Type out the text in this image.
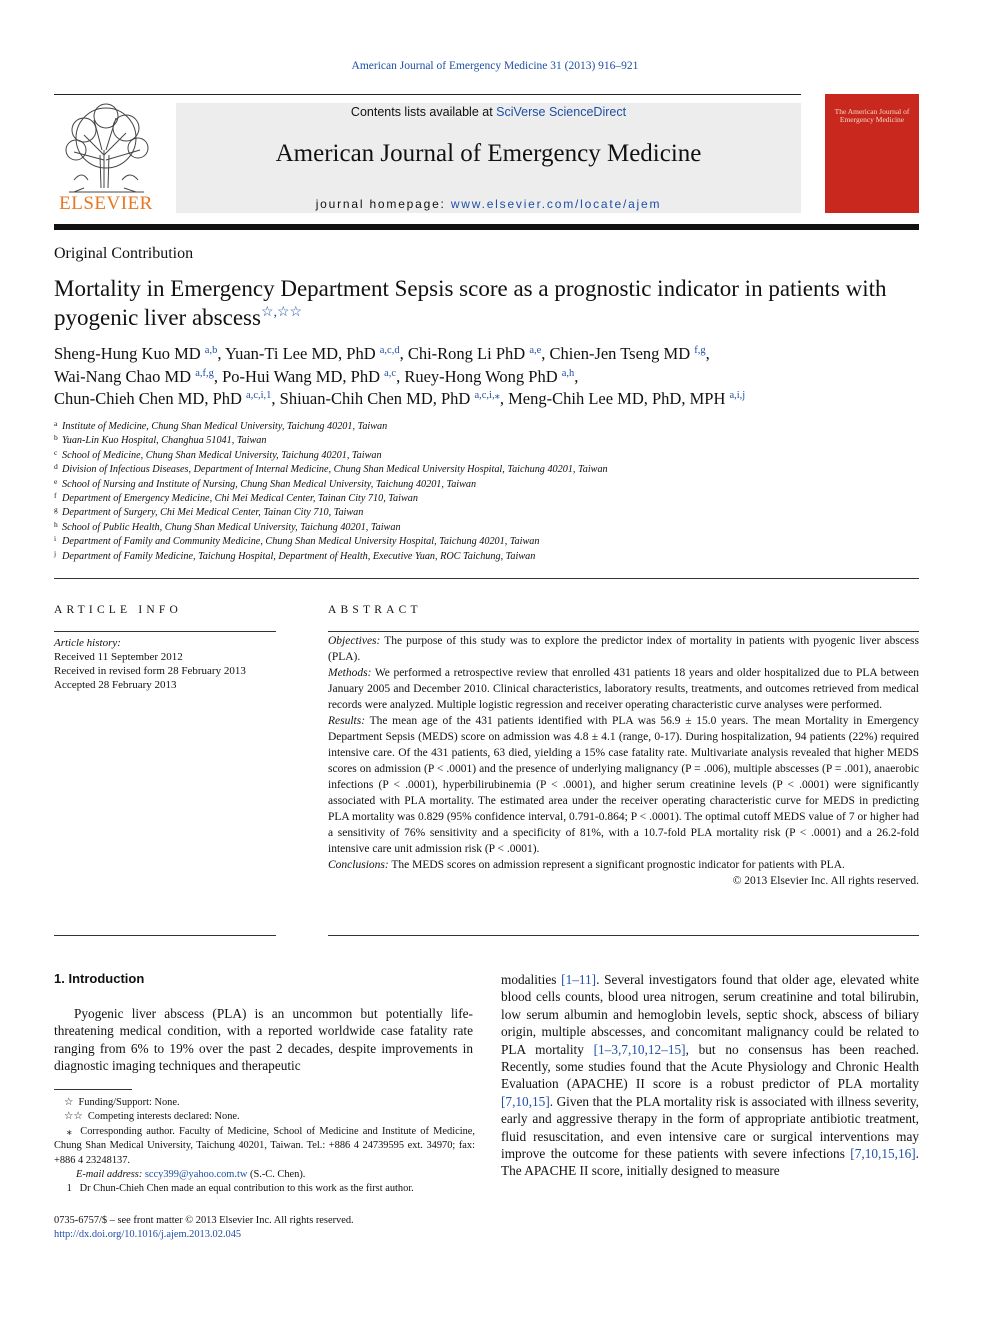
American Journal of Emergency Medicine 31 (2013) 916–921
ELSEVIER
Contents lists available at SciVerse ScienceDirect
American Journal of Emergency Medicine
journal homepage: www.elsevier.com/locate/ajem
The American Journal of Emergency Medicine
Original Contribution
Mortality in Emergency Department Sepsis score as a prognostic indicator in patients with pyogenic liver abscess☆,☆☆
Sheng-Hung Kuo MD $^{a,b}$, Yuan-Ti Lee MD, PhD $^{a,c,d}$, Chi-Rong Li PhD $^{a,e}$, Chien-Jen Tseng MD $^{f,g}$,
Wai-Nang Chao MD $^{a,f,g}$, Po-Hui Wang MD, PhD $^{a,c}$, Ruey-Hong Wong PhD $^{a,h}$,
Chun-Chieh Chen MD, PhD $^{a,c,i,1}$, Shiuan-Chih Chen MD, PhD $^{a,c,i,⁎}$, Meng-Chih Lee MD, PhD, MPH $^{a,i,j}$
$^a$ Institute of Medicine, Chung Shan Medical University, Taichung 40201, Taiwan
$^b$ Yuan-Lin Kuo Hospital, Changhua 51041, Taiwan
$^c$ School of Medicine, Chung Shan Medical University, Taichung 40201, Taiwan
$^d$ Division of Infectious Diseases, Department of Internal Medicine, Chung Shan Medical University Hospital, Taichung 40201, Taiwan
$^e$ School of Nursing and Institute of Nursing, Chung Shan Medical University, Taichung 40201, Taiwan
$^f$ Department of Emergency Medicine, Chi Mei Medical Center, Tainan City 710, Taiwan
$^g$ Department of Surgery, Chi Mei Medical Center, Tainan City 710, Taiwan
$^h$ School of Public Health, Chung Shan Medical University, Taichung 40201, Taiwan
$^i$ Department of Family and Community Medicine, Chung Shan Medical University Hospital, Taichung 40201, Taiwan
$^j$ Department of Family Medicine, Taichung Hospital, Department of Health, Executive Yuan, ROC Taichung, Taiwan
ARTICLE INFO
Article history:
Received 11 September 2012
Received in revised form 28 February 2013
Accepted 28 February 2013
ABSTRACT
Objectives: The purpose of this study was to explore the predictor index of mortality in patients with pyogenic liver abscess (PLA).
Methods: We performed a retrospective review that enrolled 431 patients 18 years and older hospitalized due to PLA between January 2005 and December 2010. Clinical characteristics, laboratory results, treatments, and outcomes retrieved from medical records were analyzed. Multiple logistic regression and receiver operating characteristic curve analyses were performed.
Results: The mean age of the 431 patients identified with PLA was 56.9 ± 15.0 years. The mean Mortality in Emergency Department Sepsis (MEDS) score on admission was 4.8 ± 4.1 (range, 0-17). During hospitalization, 94 patients (22%) required intensive care. Of the 431 patients, 63 died, yielding a 15% case fatality rate. Multivariate analysis revealed that higher MEDS scores on admission (P < .0001) and the presence of underlying malignancy (P = .006), multiple abscesses (P = .001), anaerobic infections (P < .0001), hyperbilirubinemia (P < .0001), and higher serum creatinine levels (P < .0001) were significantly associated with PLA mortality. The estimated area under the receiver operating characteristic curve for MEDS in predicting PLA mortality was 0.829 (95% confidence interval, 0.791-0.864; P < .0001). The optimal cutoff MEDS value of 7 or higher had a sensitivity of 76% sensitivity and a specificity of 81%, with a 10.7-fold PLA mortality risk (P < .0001) and a 26.2-fold intensive care unit admission risk (P < .0001).
Conclusions: The MEDS scores on admission represent a significant prognostic indicator for patients with PLA.
© 2013 Elsevier Inc. All rights reserved.
1. Introduction

Pyogenic liver abscess (PLA) is an uncommon but potentially life-threatening medical condition, with a reported worldwide case fatality rate ranging from 6% to 19% over the past 2 decades, despite improvements in diagnostic imaging techniques and therapeutic

modalities [1–11]. Several investigators found that older age, elevated white blood cells counts, blood urea nitrogen, serum creatinine and total bilirubin, low serum albumin and hemoglobin levels, septic shock, abscess of biliary origin, multiple abscesses, and concomitant malignancy could be related to PLA mortality [1–3,7,10,12–15], but no consensus has been reached. Recently, some studies found that the Acute Physiology and Chronic Health Evaluation (APACHE) II score is a robust predictor of PLA mortality [7,10,15]. Given that the PLA mortality risk is associated with illness severity, early and aggressive therapy in the form of appropriate antibiotic treatment, fluid resuscitation, and even intensive care or surgical interventions may improve the outcome for these patients with severe infections [7,10,15,16]. The APACHE II score, initially designed to measure

☆ Funding/Support: None.
☆☆ Competing interests declared: None.
⁎ Corresponding author. Faculty of Medicine, School of Medicine and Institute of Medicine, Chung Shan Medical University, Taichung 40201, Taiwan. Tel.: +886 4 24739595 ext. 34970; fax: +886 4 23248137.
E-mail address: sccy399@yahoo.com.tw (S.-C. Chen).
1 Dr Chun-Chieh Chen made an equal contribution to this work as the first author.
0735-6757/$ – see front matter © 2013 Elsevier Inc. All rights reserved.
http://dx.doi.org/10.1016/j.ajem.2013.02.045
